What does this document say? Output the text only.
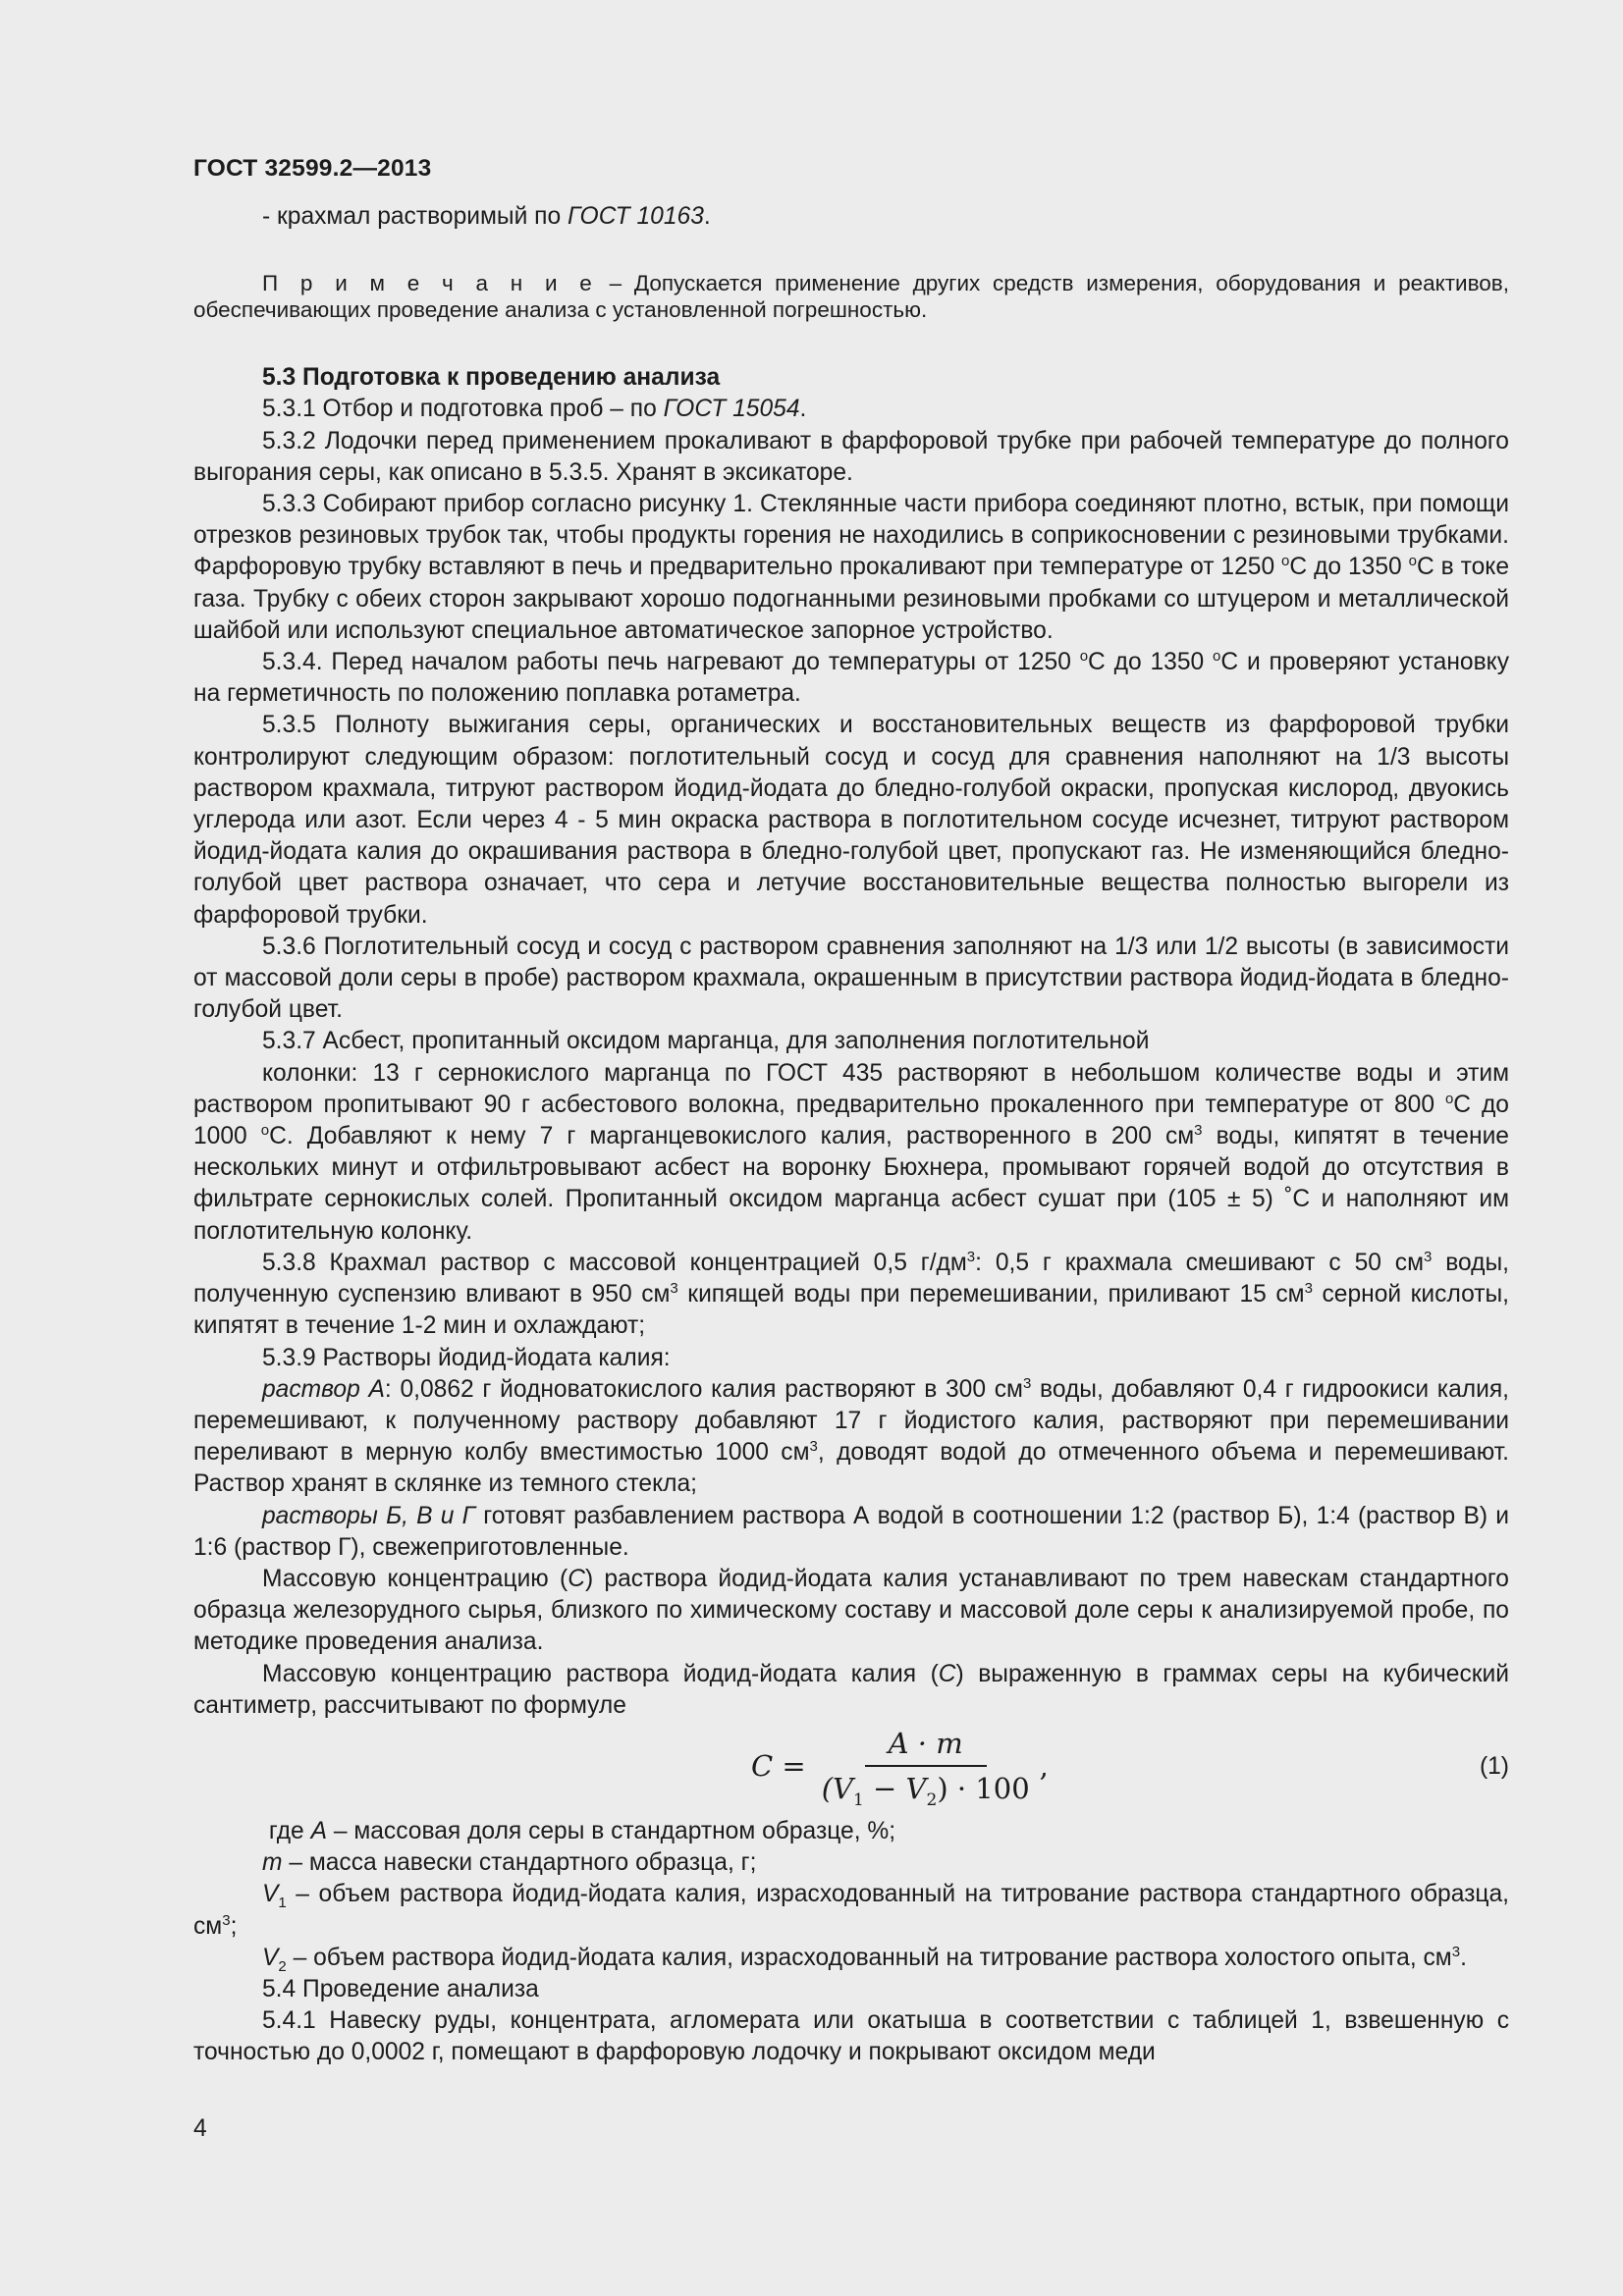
ГОСТ 32599.2—2013

- крахмал растворимый по ГОСТ 10163.

П р и м е ч а н и е – Допускается применение других средств измерения, оборудования и реактивов, обеспечивающих проведение анализа с установленной погрешностью.

5.3 Подготовка к проведению анализа

5.3.1 Отбор и подготовка проб – по ГОСТ 15054.

5.3.2 Лодочки перед применением прокаливают в фарфоровой трубке при рабочей температуре до полного выгорания серы, как описано в 5.3.5. Хранят в эксикаторе.

5.3.3 Собирают прибор согласно рисунку 1. Стеклянные части прибора соединяют плотно, встык, при помощи отрезков резиновых трубок так, чтобы продукты горения не находились в соприкосновении с резиновыми трубками. Фарфоровую трубку вставляют в печь и предварительно прокаливают при температуре от 1250 $^о$С до 1350 $^о$С в токе газа. Трубку с обеих сторон закрывают хорошо подогнанными резиновыми пробками со штуцером и металлической шайбой или используют специальное автоматическое запорное устройство.

5.3.4. Перед началом работы печь нагревают до температуры от 1250 $^о$С до 1350 $^о$С и проверяют установку на герметичность по положению поплавка ротаметра.

5.3.5 Полноту выжигания серы, органических и восстановительных веществ из фарфоровой трубки контролируют следующим образом: поглотительный сосуд и сосуд для сравнения наполняют на 1/3 высоты раствором крахмала, титруют раствором йодид-йодата до бледно-голубой окраски, пропуская кислород, двуокись углерода или азот. Если через 4 - 5 мин окраска раствора в поглотительном сосуде исчезнет, титруют раствором йодид-йодата калия до окрашивания раствора в бледно-голубой цвет, пропускают газ. Не изменяющийся бледно-голубой цвет раствора означает, что сера и летучие восстановительные вещества полностью выгорели из фарфоровой трубки.

5.3.6 Поглотительный сосуд и сосуд с раствором сравнения заполняют на 1/3 или 1/2 высоты (в зависимости от массовой доли серы в пробе) раствором крахмала, окрашенным в присутствии раствора йодид-йодата в бледно-голубой цвет.

5.3.7 Асбест, пропитанный оксидом марганца, для заполнения поглотительной

колонки: 13 г сернокислого марганца по ГОСТ 435 растворяют в небольшом количестве воды и этим раствором пропитывают 90 г асбестового волокна, предварительно прокаленного при температуре от 800 $^о$С до 1000 $^о$С. Добавляют к нему 7 г марганцевокислого калия, растворенного в 200 $см^3$ воды, кипятят в течение нескольких минут и отфильтровывают асбест на воронку Бюхнера, промывают горячей водой до отсутствия в фильтрате сернокислых солей. Пропитанный оксидом марганца асбест сушат при (105 ± 5) ˚С и наполняют им поглотительную колонку.

5.3.8 Крахмал раствор с массовой концентрацией 0,5 $г/дм^3$: 0,5 г крахмала смешивают с 50 $см^3$ воды, полученную суспензию вливают в 950 $см^3$ кипящей воды при перемешивании, приливают 15 $см^3$ серной кислоты, кипятят в течение 1-2 мин и охлаждают;

5.3.9 Растворы йодид-йодата калия:

раствор А: 0,0862 г йодноватокислого калия растворяют в 300 $см^3$ воды, добавляют 0,4 г гидроокиси калия, перемешивают, к полученному раствору добавляют 17 г йодистого калия, растворяют при перемешивании переливают в мерную колбу вместимостью 1000 $см^3$, доводят водой до отмеченного объема и перемешивают. Раствор хранят в склянке из темного стекла;

растворы Б, В и Г готовят разбавлением раствора А водой в соотношении 1:2 (раствор Б), 1:4 (раствор В) и 1:6 (раствор Г), свежеприготовленные.

Массовую концентрацию (С) раствора йодид-йодата калия устанавливают по трем навескам стандартного образца железорудного сырья, близкого по химическому составу и массовой доле серы к анализируемой пробе, по методике проведения анализа.

Массовую концентрацию раствора йодид-йодата калия (С) выраженную в граммах серы на кубический сантиметр, рассчитывают по формуле

$C = \frac{A \cdot m}{(V_1 - V_2) \cdot 100}$ ,	(1)

где A – массовая доля серы в стандартном образце, %;

m – масса навески стандартного образца, г;

$V_1$ – объем раствора йодид-йодата калия, израсходованный на титрование раствора стандартного образца, $см^3$;

$V_2$ – объем раствора йодид-йодата калия, израсходованный на титрование раствора холостого опыта, $см^3$.

5.4 Проведение анализа

5.4.1 Навеску руды, концентрата, агломерата или окатыша в соответствии с таблицей 1, взвешенную с точностью до 0,0002 г, помещают в фарфоровую лодочку и покрывают оксидом меди

4
